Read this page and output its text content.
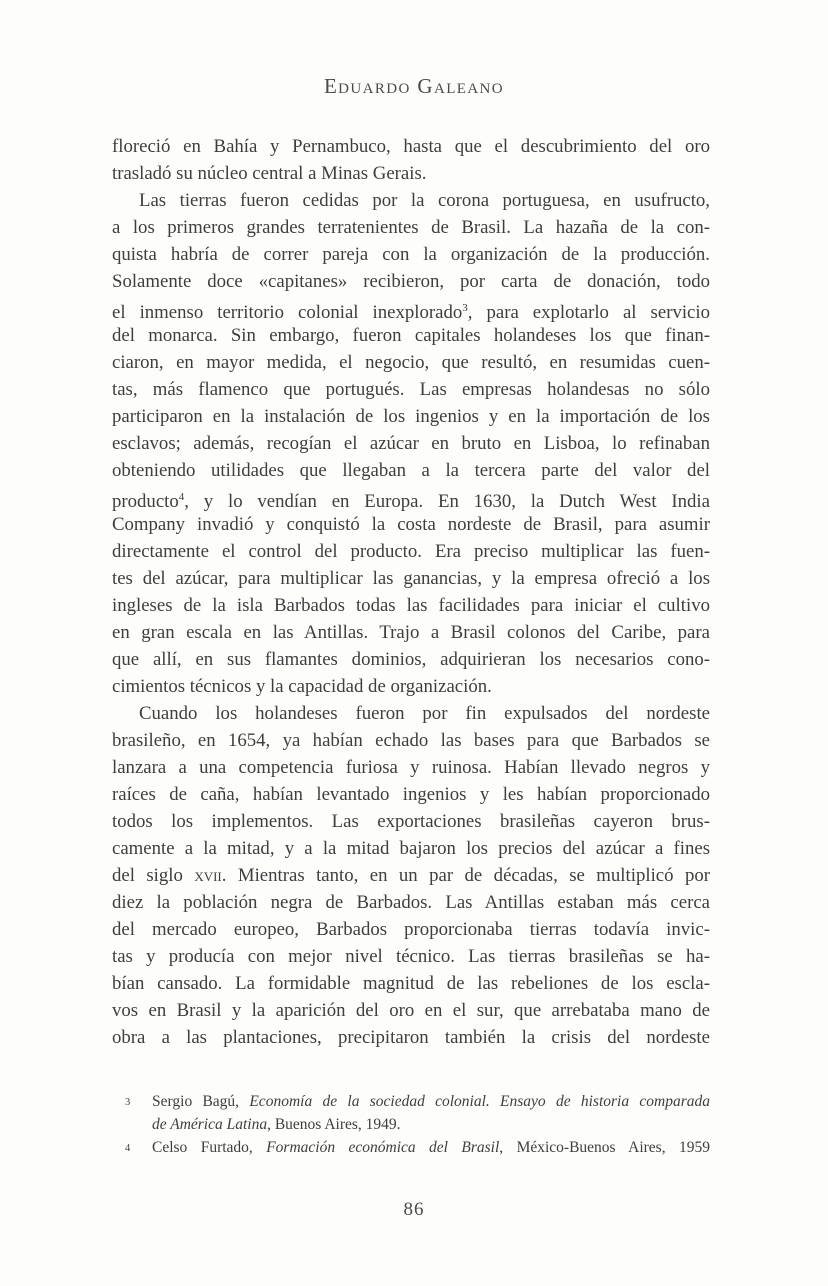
Eduardo Galeano
floreció en Bahía y Pernambuco, hasta que el descubrimiento del oro
trasladó su núcleo central a Minas Gerais.
Las tierras fueron cedidas por la corona portuguesa, en usufructo,
a los primeros grandes terratenientes de Brasil. La hazaña de la con-
quista habría de correr pareja con la organización de la producción.
Solamente doce «capitanes» recibieron, por carta de donación, todo
el inmenso territorio colonial inexplorado$^3$, para explotarlo al servicio
del monarca. Sin embargo, fueron capitales holandeses los que finan-
ciaron, en mayor medida, el negocio, que resultó, en resumidas cuen-
tas, más flamenco que portugués. Las empresas holandesas no sólo
participaron en la instalación de los ingenios y en la importación de los
esclavos; además, recogían el azúcar en bruto en Lisboa, lo refinaban
obteniendo utilidades que llegaban a la tercera parte del valor del
producto$^4$, y lo vendían en Europa. En 1630, la Dutch West India
Company invadió y conquistó la costa nordeste de Brasil, para asumir
directamente el control del producto. Era preciso multiplicar las fuen-
tes del azúcar, para multiplicar las ganancias, y la empresa ofreció a los
ingleses de la isla Barbados todas las facilidades para iniciar el cultivo
en gran escala en las Antillas. Trajo a Brasil colonos del Caribe, para
que allí, en sus flamantes dominios, adquirieran los necesarios cono-
cimientos técnicos y la capacidad de organización.
Cuando los holandeses fueron por fin expulsados del nordeste
brasileño, en 1654, ya habían echado las bases para que Barbados se
lanzara a una competencia furiosa y ruinosa. Habían llevado negros y
raíces de caña, habían levantado ingenios y les habían proporcionado
todos los implementos. Las exportaciones brasileñas cayeron brus-
camente a la mitad, y a la mitad bajaron los precios del azúcar a fines
del siglo xvii. Mientras tanto, en un par de décadas, se multiplicó por
diez la población negra de Barbados. Las Antillas estaban más cerca
del mercado europeo, Barbados proporcionaba tierras todavía invic-
tas y producía con mejor nivel técnico. Las tierras brasileñas se ha-
bían cansado. La formidable magnitud de las rebeliones de los escla-
vos en Brasil y la aparición del oro en el sur, que arrebataba mano de
obra a las plantaciones, precipitaron también la crisis del nordeste
3 Sergio Bagú, Economía de la sociedad colonial. Ensayo de historia comparada
de América Latina, Buenos Aires, 1949.
4 Celso Furtado, Formación económica del Brasil, México-Buenos Aires, 1959
86
